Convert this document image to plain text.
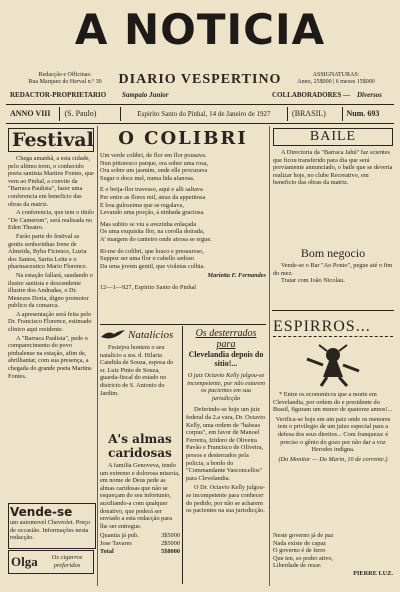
A NOTICIA
Redacção e Officinas:
Rua Marquez do Herval n.º 30	DIARIO VESPERTINO	ASSIGNATURAS:
Anno, 25$000 | 6 mezes 15$000
REDACTOR-PROPRIETARIO Sampaio Junior	COLLABORADORES — Diversos
ANNO VIII	(S. Paulo)	Espirito Santo do Pinhal, 14 de Janeiro de 1927	(BRASIL)	Num. 693
Festival

Chega amanhã, a esta cidade, pelo ultimo trem, o conhecido poeta santista Martins Fontes, que vem ao Pinhal, a convite da "Barraca Paulista", fazer uma conferencia em beneficio das obras da matriz.

A conferencia, que tem o titulo "De Camerom", será realisada no Eden Theatro.

Farão parte do festival as gentis senhorinhas Irene de Almeida, Byba Fictence, Luzia dos Santos, Sarita Leite e o pharmaceutico Mario Florence.

Na estação fallará, saudando o ilustre santista e descendente illustre dos Andradas, o Dr. Menezes Doria, digno promotor publico da comarca.

A apresentação será feita pelo Dr. Francisco Florence, estimado clinico aqui residente.

A "Barraca Paulista", pede o comparecimento do povo pinhalense na estação, afim de, abrilhantar, com sua presença, a chegada do grande poeta Martins Fontes.

Vende-se
um automovel Chevrolet. Preço de occasião. Informações nesta redacção.
Olga	Os cigarros preferidos
O COLIBRI
Um verde colibri, de flor em flor pousava.
Nun pittoresco parque, era sobre uma rosa,
Ora sobre um jasmim, onde elle procurava
Sugar o doce mel, numa lida afanosa.
E o beija-flor travesso, aqui e alli saltava
Per entre as flores mil, atraz da appetitosa
E boa guloseima que se regalava,
Levando uma porção, á ninhada graciosa.
Mas subito se viu a avezinha enlaçada
Os uma exquisita flor, na corolla doirada,
A' margem do canteiro onde airosa se ergue.
Ri-me do colibri, que louco e pressuroso,
Suppoz ser uma flor o cabello sedoso
Da uma jovem gentil, que violetas colhia.
Marietta F. Fernandes
12—1—927, Espirito Santo do Pinhal
Natalicios
Festejou hontem o seu natalicio a sra. d. Hilaria Candida de Souza, esposa do sr. Luiz Pinto de Souza, guarda-fiscal do estado no districto de S. Antonio do Jardim.
A's almas caridosas
A familia Genoveva, tendo um extremo e dolorosa miseria, em nome de Deus pede as almas caridosas que não se esqueçam do seu infortunio, auxiliando-a com qualquer donativo, que poderá ser enviado a esta redacção para lhe ser entregue.
Quantia já pub.	3$5000
Jose Tavares	2$5000
Total	5$8000
Os desterrados para
Clevelandia depois do sitio!...
O juiz Octavio Kelly julgou-se incompetente, por não estarem os pacientes em sua jurisdicção

Deferindo-se hoje um juiz federal da 2.a vara, Dr. Octavio Kelly, uma ordem de "habeas corpus", em favor de Manoel Ferreira, Izidoro de Oliveira Pavão e Francisco de Oliveira, presos e desterrados pela policia, a bordo do "Commandante Vasconcellos" para Clevelandia.

O Dr. Octavio Kelly julgou-se incompetente para conhecer do pedido, por não se acharem os pacientes na sua jurisdicção.

BAILE
A Directoria da "Barraca Jahú" faz scientes que ficou transferido para dia que será previamente annunciado, o baile que se deveria realizar hoje, no clube Recreativo, em beneficio das obras da matriz.
Bom negocio
Vende-se o Bar "Ao Ponto", pegue até o fim do mez.
Tratar com João Nicolau.
ESPIRROS...
* Entre os economicos que a morte em Clevelandia, por ordem do e presidente do Brasil, figuram um menor de quatorze annos!...
Verifica-se hoje em um paiz onde os menores tem o privilegio de um juizo especial para a defesa dos seus direitos... Com franqueza: é preciso o gênio do gozo por não dar a voz Herodes indigna.
(Do Monitor — Do Marin, 10 de corrente.)
Neste governo já de paz
Nada existe de capaz
O governo é de ferro
Que ten, so poder ativo,
Liberdade de rezar.
PIERRE LUZ.
